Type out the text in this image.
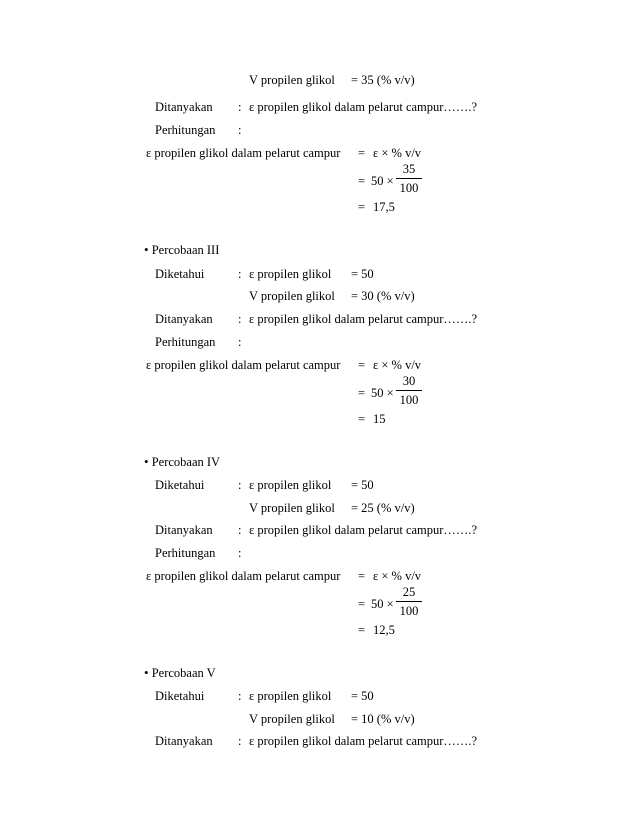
V propilen glikol = 35 (% v/v)
Ditanyakan : ε propilen glikol dalam pelarut campur…….?
Perhitungan :
ε propilen glikol dalam pelarut campur = ε × % v/v
= $50 \times \frac{35}{100}$
= 17,5
• Percobaan III
Diketahui	: ε propilen glikol = 50
V propilen glikol = 30 (% v/v)
Ditanyakan : ε propilen glikol dalam pelarut campur…….?
Perhitungan :
ε propilen glikol dalam pelarut campur = ε × % v/v
= $50 \times \frac{30}{100}$
= 15
• Percobaan IV
Diketahui	: ε propilen glikol = 50
V propilen glikol = 25 (% v/v)
Ditanyakan : ε propilen glikol dalam pelarut campur…….?
Perhitungan :
ε propilen glikol dalam pelarut campur = ε × % v/v
= $50 \times \frac{25}{100}$
= 12,5
• Percobaan V
Diketahui	: ε propilen glikol = 50
V propilen glikol = 10 (% v/v)
Ditanyakan : ε propilen glikol dalam pelarut campur…….?
